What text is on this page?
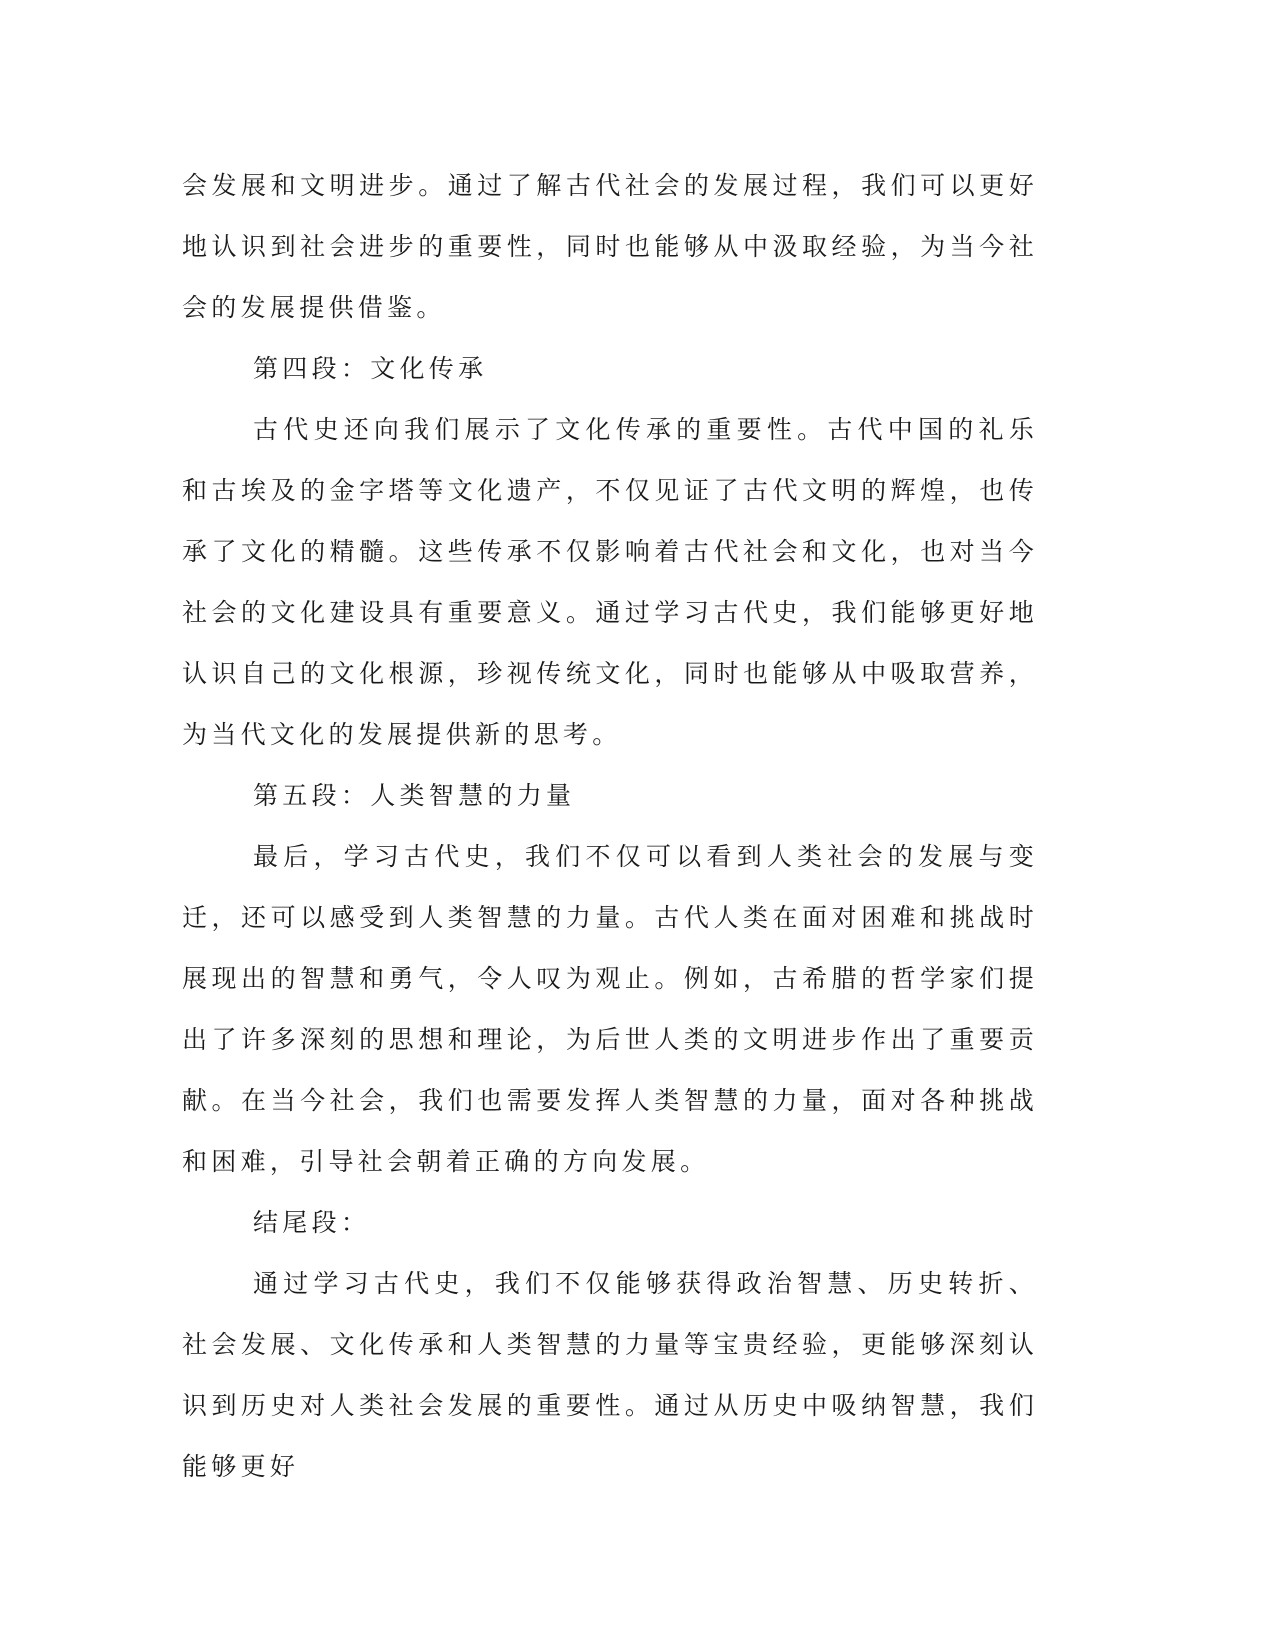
会发展和文明进步。通过了解古代社会的发展过程，我们可以更好地认识到社会进步的重要性，同时也能够从中汲取经验，为当今社会的发展提供借鉴。

第四段：文化传承

古代史还向我们展示了文化传承的重要性。古代中国的礼乐和古埃及的金字塔等文化遗产，不仅见证了古代文明的辉煌，也传承了文化的精髓。这些传承不仅影响着古代社会和文化，也对当今社会的文化建设具有重要意义。通过学习古代史，我们能够更好地认识自己的文化根源，珍视传统文化，同时也能够从中吸取营养，为当代文化的发展提供新的思考。

第五段：人类智慧的力量

最后，学习古代史，我们不仅可以看到人类社会的发展与变迁，还可以感受到人类智慧的力量。古代人类在面对困难和挑战时展现出的智慧和勇气，令人叹为观止。例如，古希腊的哲学家们提出了许多深刻的思想和理论，为后世人类的文明进步作出了重要贡献。在当今社会，我们也需要发挥人类智慧的力量，面对各种挑战和困难，引导社会朝着正确的方向发展。

结尾段：

通过学习古代史，我们不仅能够获得政治智慧、历史转折、社会发展、文化传承和人类智慧的力量等宝贵经验，更能够深刻认识到历史对人类社会发展的重要性。通过从历史中吸纳智慧，我们能够更好
